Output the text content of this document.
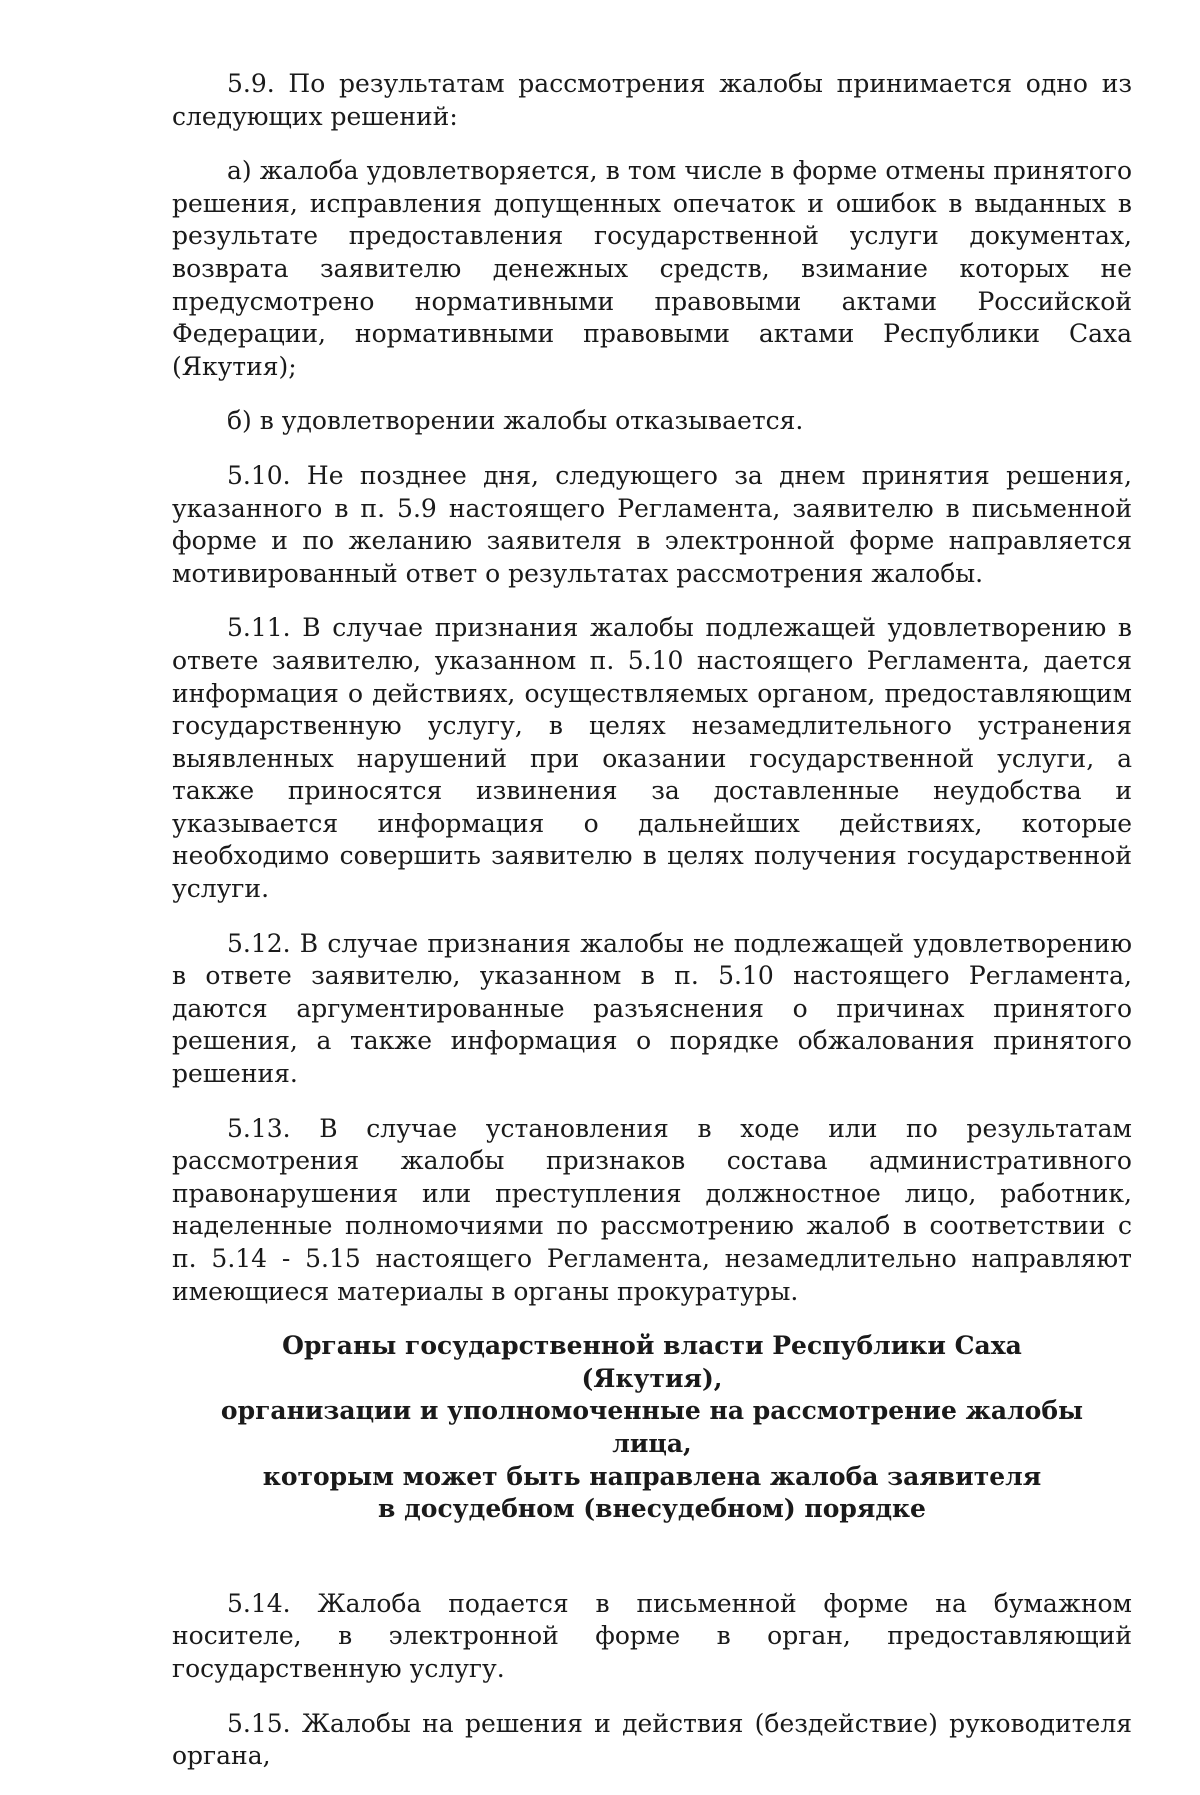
5.9. По результатам рассмотрения жалобы принимается одно из следующих решений:

а) жалоба удовлетворяется, в том числе в форме отмены принятого решения, исправления допущенных опечаток и ошибок в выданных в результате предоставления государственной услуги документах, возврата заявителю денежных средств, взимание которых не предусмотрено нормативными правовыми актами Российской Федерации, нормативными правовыми актами Республики Саха (Якутия);

б) в удовлетворении жалобы отказывается.

5.10. Не позднее дня, следующего за днем принятия решения, указанного в п. 5.9 настоящего Регламента, заявителю в письменной форме и по желанию заявителя в электронной форме направляется мотивированный ответ о результатах рассмотрения жалобы.

5.11. В случае признания жалобы подлежащей удовлетворению в ответе заявителю, указанном п. 5.10 настоящего Регламента, дается информация о действиях, осуществляемых органом, предоставляющим государственную услугу, в целях незамедлительного устранения выявленных нарушений при оказании государственной услуги, а также приносятся извинения за доставленные неудобства и указывается информация о дальнейших действиях, которые необходимо совершить заявителю в целях получения государственной услуги.

5.12. В случае признания жалобы не подлежащей удовлетворению в ответе заявителю, указанном в п. 5.10 настоящего Регламента, даются аргументированные разъяснения о причинах принятого решения, а также информация о порядке обжалования принятого решения.

5.13. В случае установления в ходе или по результатам рассмотрения жалобы признаков состава административного правонарушения или преступления должностное лицо, работник, наделенные полномочиями по рассмотрению жалоб в соответствии с п. 5.14 - 5.15 настоящего Регламента, незамедлительно направляют имеющиеся материалы в органы прокуратуры.

Органы государственной власти Республики Саха (Якутия),
организации и уполномоченные на рассмотрение жалобы лица,
которым может быть направлена жалоба заявителя
в досудебном (внесудебном) порядке

5.14. Жалоба подается в письменной форме на бумажном носителе, в электронной форме в орган, предоставляющий государственную услугу.

5.15. Жалобы на решения и действия (бездействие) руководителя органа,
